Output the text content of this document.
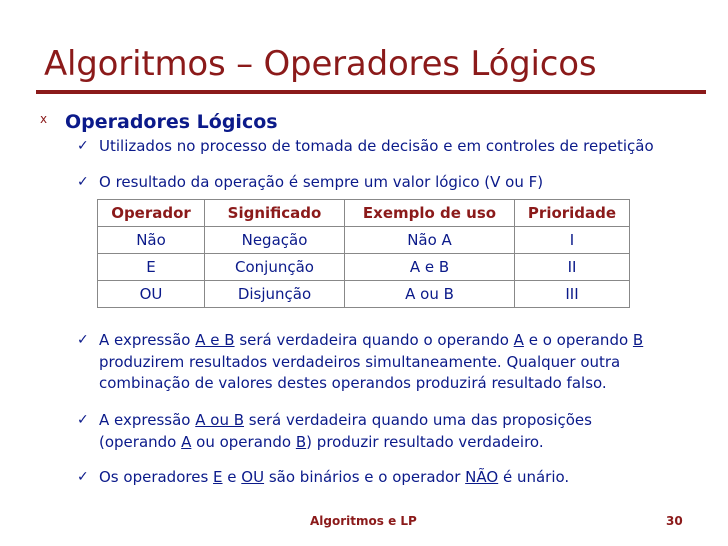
Algoritmos – Operadores Lógicos
x Operadores Lógicos
✓ Utilizados no processo de tomada de decisão e em controles de repetição
✓ O resultado da operação é sempre um valor lógico (V ou F)
Operador	Significado	Exemplo de uso	Prioridade
Não	Negação	Não A	I
E	Conjunção	A e B	II
OU	Disjunção	A ou B	III
✓ A expressão A e B será verdadeira quando o operando A e o operando B
produzirem resultados verdadeiros simultaneamente. Qualquer outra
combinação de valores destes operandos produzirá resultado falso.
✓ A expressão A ou B será verdadeira quando uma das proposições
(operando A ou operando B) produzir resultado verdadeiro.
✓ Os operadores E e OU são binários e o operador NÃO é unário.
Algoritmos e LP	30
